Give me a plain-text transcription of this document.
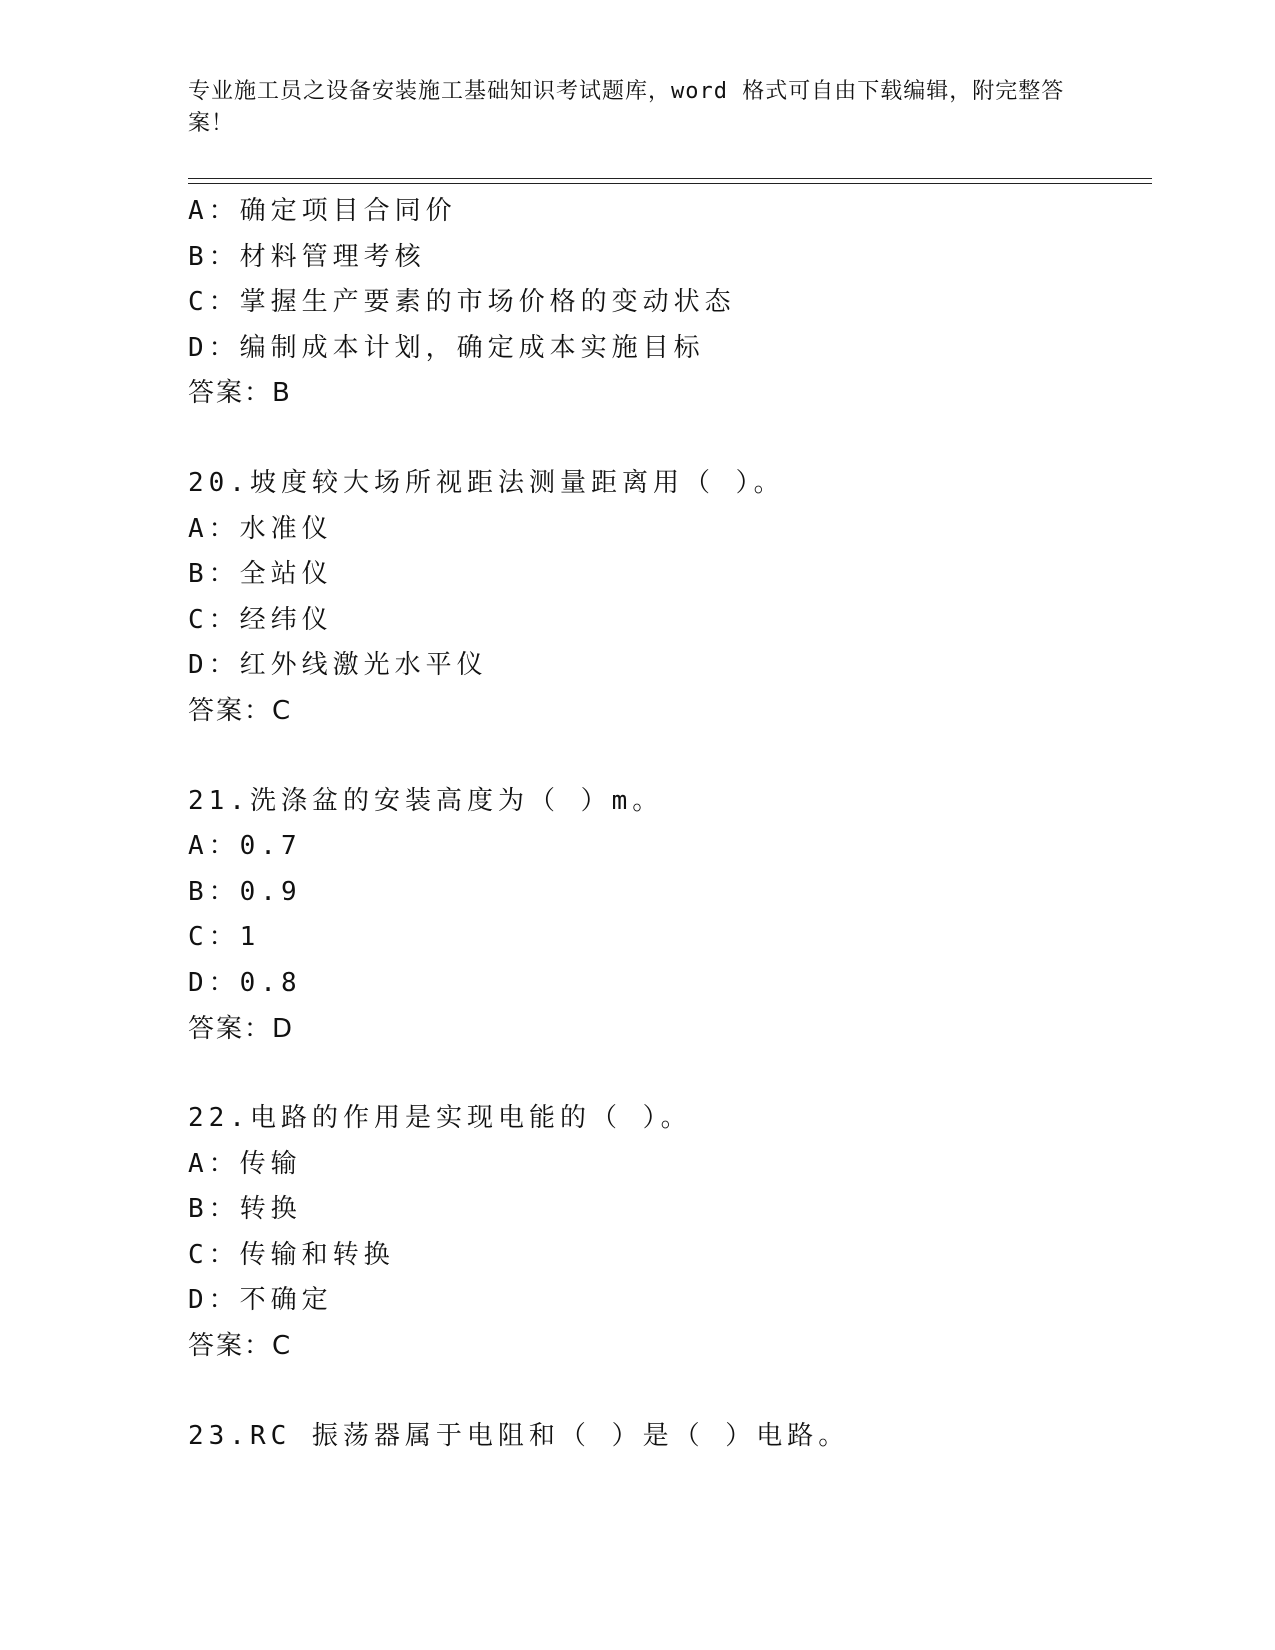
专业施工员之设备安装施工基础知识考试题库，word 格式可自由下载编辑，附完整答案！
A：确定项目合同价
B：材料管理考核
C：掌握生产要素的市场价格的变动状态
D：编制成本计划，确定成本实施目标
答案：B
20.坡度较大场所视距法测量距离用（ ）。
A：水准仪
B：全站仪
C：经纬仪
D：红外线激光水平仪
答案：C
21.洗涤盆的安装高度为（ ）m。
A：0.7
B：0.9
C：1
D：0.8
答案：D
22.电路的作用是实现电能的（ ）。
A：传输
B：转换
C：传输和转换
D：不确定
答案：C
23.RC 振荡器属于电阻和（ ）是（ ）电路。
